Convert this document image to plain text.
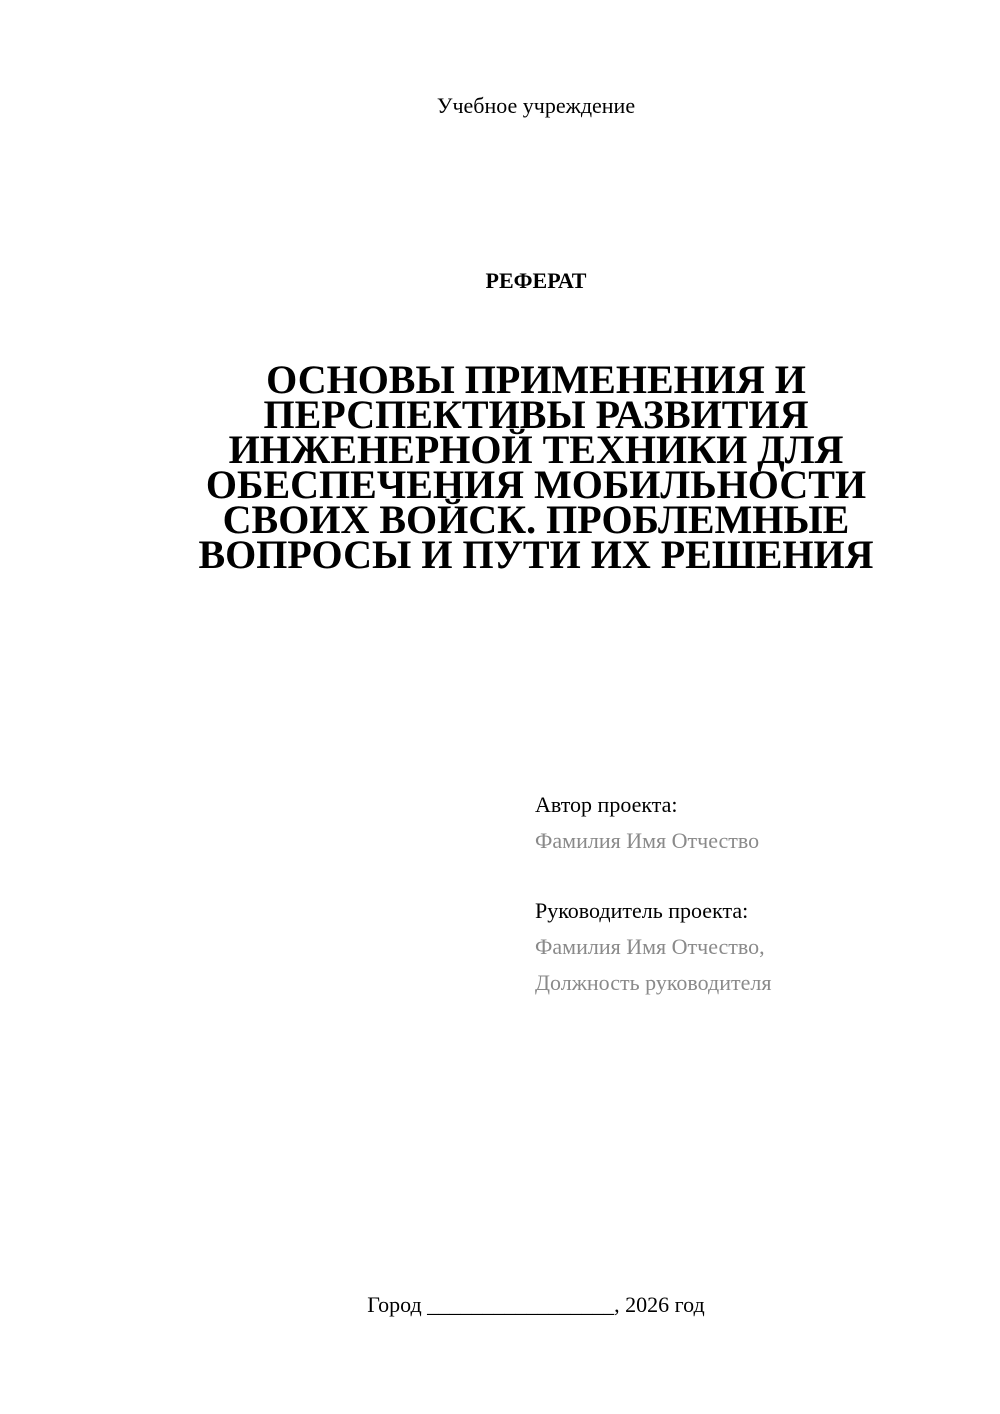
Учебное учреждение
РЕФЕРАТ
ОСНОВЫ ПРИМЕНЕНИЯ И
ПЕРСПЕКТИВЫ РАЗВИТИЯ
ИНЖЕНЕРНОЙ ТЕХНИКИ ДЛЯ
ОБЕСПЕЧЕНИЯ МОБИЛЬНОСТИ
СВОИХ ВОЙСК. ПРОБЛЕМНЫЕ
ВОПРОСЫ И ПУТИ ИХ РЕШЕНИЯ
Автор проекта:
Фамилия Имя Отчество
Руководитель проекта:
Фамилия Имя Отчество,
Должность руководителя
Город _________________, 2026 год
